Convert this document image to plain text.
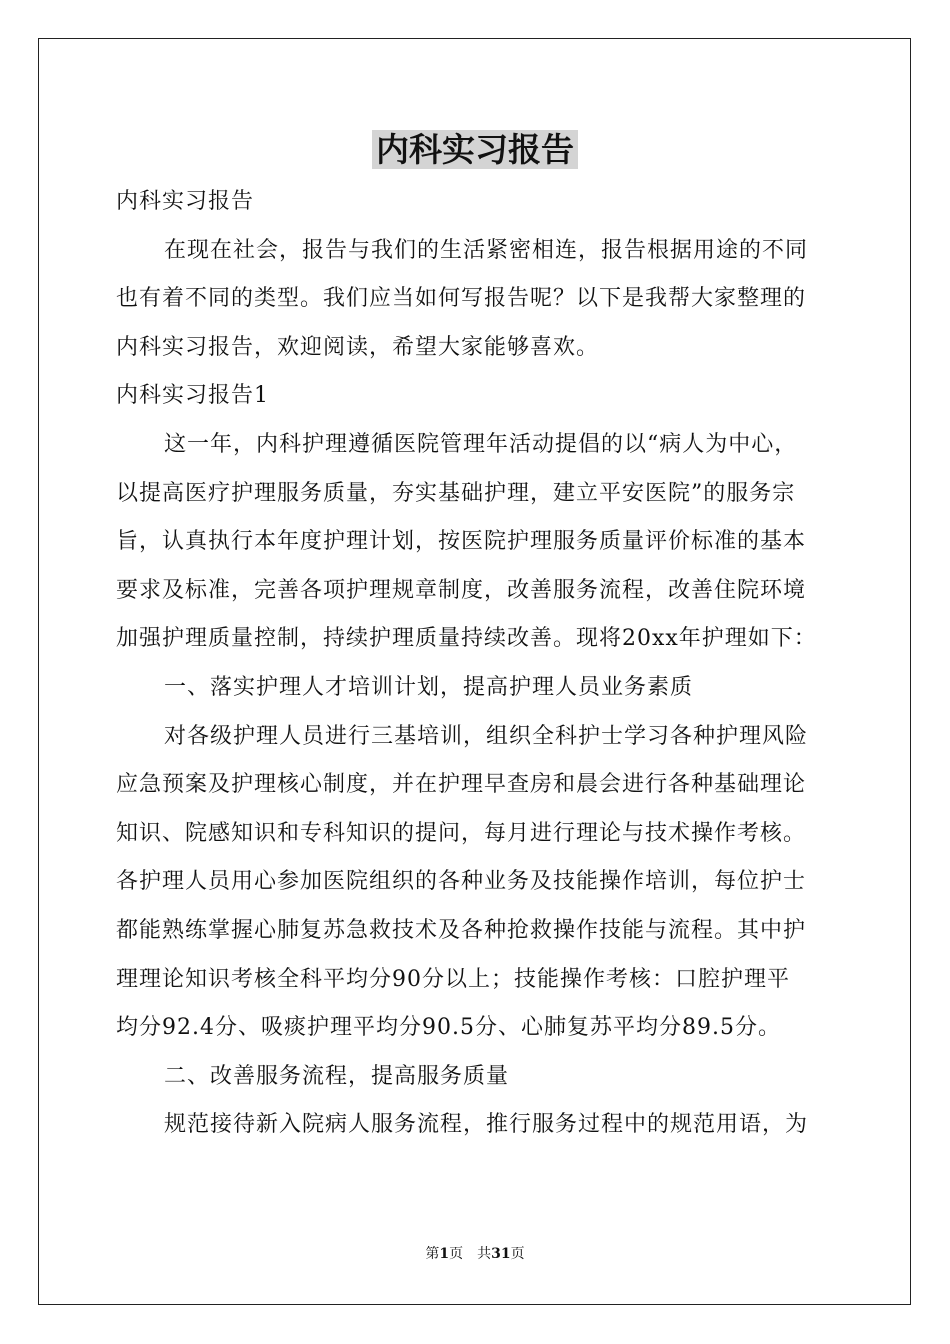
内科实习报告

内科实习报告

在现在社会，报告与我们的生活紧密相连，报告根据用途的不同

也有着不同的类型。我们应当如何写报告呢？以下是我帮大家整理的

内科实习报告，欢迎阅读，希望大家能够喜欢。

内科实习报告1

这一年，内科护理遵循医院管理年活动提倡的以“病人为中心，

以提高医疗护理服务质量，夯实基础护理，建立平安医院”的服务宗

旨，认真执行本年度护理计划，按医院护理服务质量评价标准的基本

要求及标准，完善各项护理规章制度，改善服务流程，改善住院环境

加强护理质量控制，持续护理质量持续改善。现将20xx年护理如下：

一、落实护理人才培训计划，提高护理人员业务素质

对各级护理人员进行三基培训，组织全科护士学习各种护理风险

应急预案及护理核心制度，并在护理早查房和晨会进行各种基础理论

知识、院感知识和专科知识的提问，每月进行理论与技术操作考核。

各护理人员用心参加医院组织的各种业务及技能操作培训，每位护士

都能熟练掌握心肺复苏急救技术及各种抢救操作技能与流程。其中护

理理论知识考核全科平均分90分以上；技能操作考核：口腔护理平

均分92.4分、吸痰护理平均分90.5分、心肺复苏平均分89.5分。

二、改善服务流程，提高服务质量

规范接待新入院病人服务流程，推行服务过程中的规范用语，为

第1页　共31页
